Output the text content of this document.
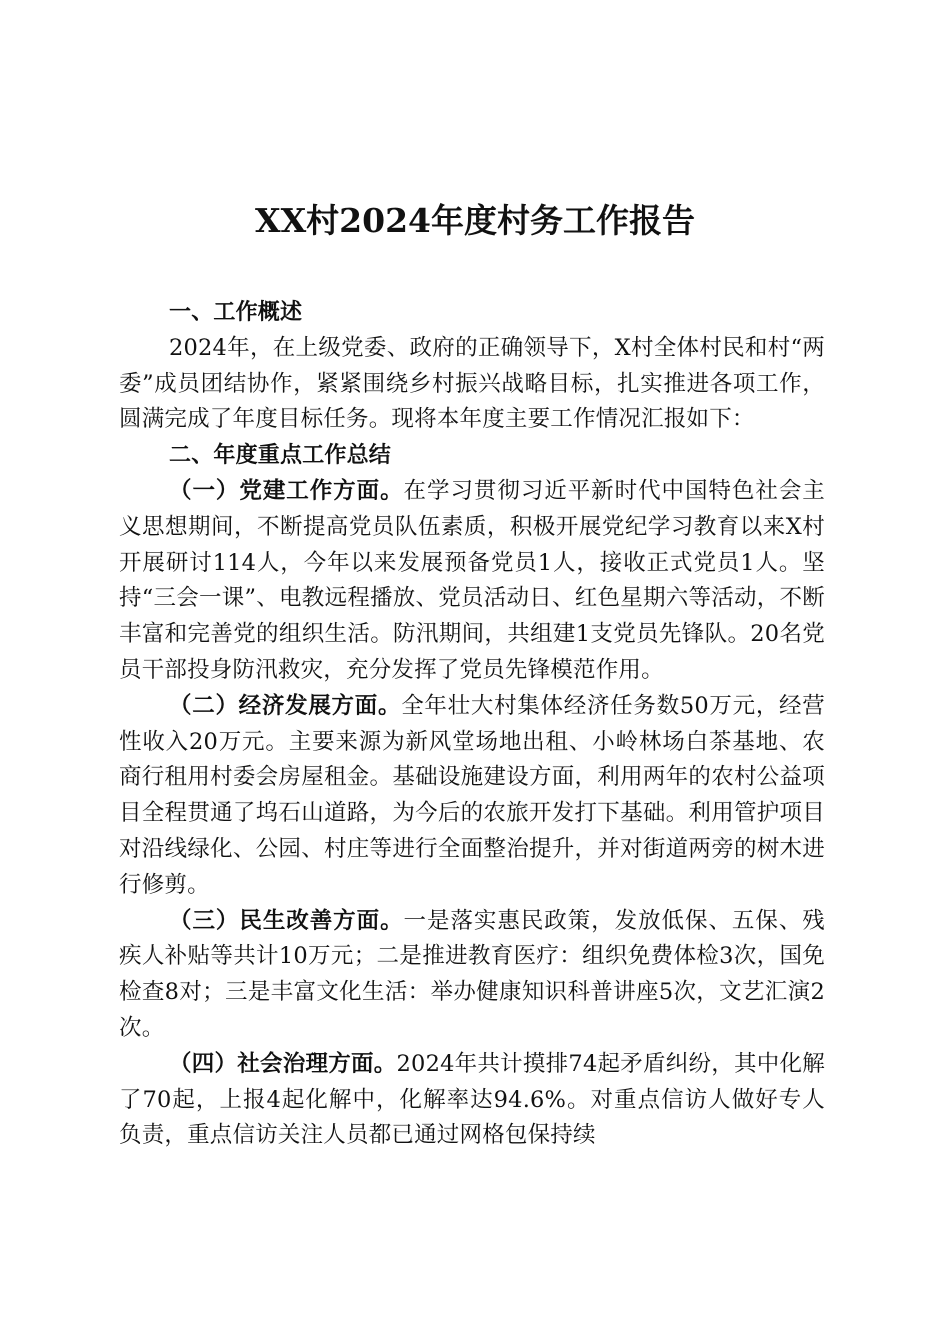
XX村2024年度村务工作报告

一、工作概述

2024年，在上级党委、政府的正确领导下，X村全体村民和村“两委”成员团结协作，紧紧围绕乡村振兴战略目标，扎实推进各项工作，圆满完成了年度目标任务。现将本年度主要工作情况汇报如下：

二、年度重点工作总结

（一）党建工作方面。在学习贯彻习近平新时代中国特色社会主义思想期间，不断提高党员队伍素质，积极开展党纪学习教育以来X村开展研讨114人，今年以来发展预备党员1人，接收正式党员1人。坚持“三会一课”、电教远程播放、党员活动日、红色星期六等活动，不断丰富和完善党的组织生活。防汛期间，共组建1支党员先锋队。20名党员干部投身防汛救灾，充分发挥了党员先锋模范作用。

（二）经济发展方面。全年壮大村集体经济任务数50万元，经营性收入20万元。主要来源为新风堂场地出租、小岭林场白茶基地、农商行租用村委会房屋租金。基础设施建设方面，利用两年的农村公益项目全程贯通了坞石山道路，为今后的农旅开发打下基础。利用管护项目对沿线绿化、公园、村庄等进行全面整治提升，并对街道两旁的树木进行修剪。

（三）民生改善方面。一是落实惠民政策，发放低保、五保、残疾人补贴等共计10万元；二是推进教育医疗：组织免费体检3次，国免检查8对；三是丰富文化生活：举办健康知识科普讲座5次，文艺汇演2次。

（四）社会治理方面。2024年共计摸排74起矛盾纠纷，其中化解了70起，上报4起化解中，化解率达94.6%。对重点信访人做好专人负责，重点信访关注人员都已通过网格包保持续
